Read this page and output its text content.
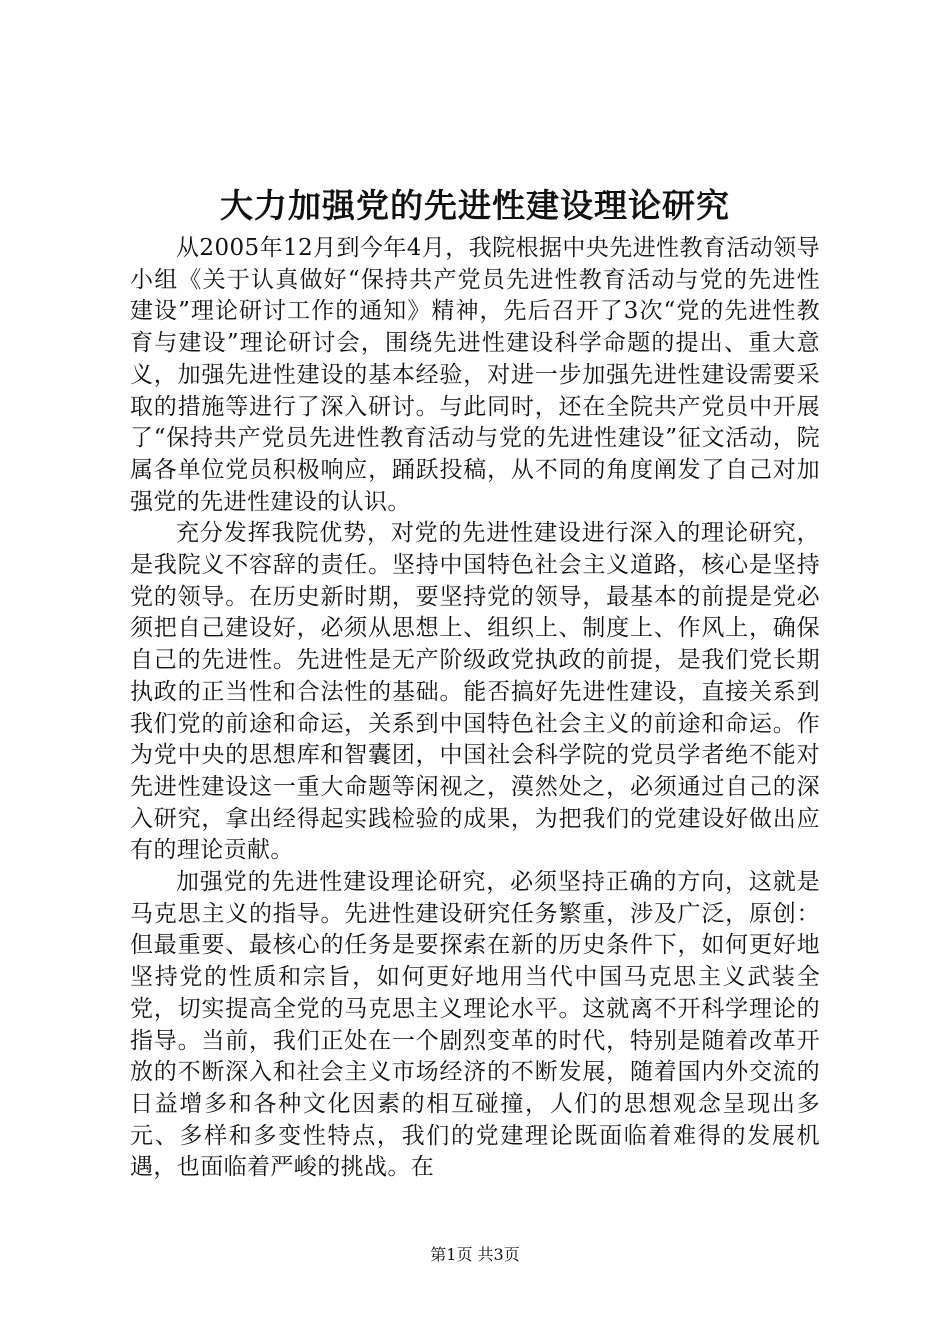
大力加强党的先进性建设理论研究

从2005年12月到今年4月，我院根据中央先进性教育活动领导小组《关于认真做好“保持共产党员先进性教育活动与党的先进性建设”理论研讨工作的通知》精神，先后召开了3次“党的先进性教育与建设”理论研讨会，围绕先进性建设科学命题的提出、重大意义，加强先进性建设的基本经验，对进一步加强先进性建设需要采取的措施等进行了深入研讨。与此同时，还在全院共产党员中开展了“保持共产党员先进性教育活动与党的先进性建设”征文活动，院属各单位党员积极响应，踊跃投稿，从不同的角度阐发了自己对加强党的先进性建设的认识。

充分发挥我院优势，对党的先进性建设进行深入的理论研究，是我院义不容辞的责任。坚持中国特色社会主义道路，核心是坚持党的领导。在历史新时期，要坚持党的领导，最基本的前提是党必须把自己建设好，必须从思想上、组织上、制度上、作风上，确保自己的先进性。先进性是无产阶级政党执政的前提，是我们党长期执政的正当性和合法性的基础。能否搞好先进性建设，直接关系到我们党的前途和命运，关系到中国特色社会主义的前途和命运。作为党中央的思想库和智囊团，中国社会科学院的党员学者绝不能对先进性建设这一重大命题等闲视之，漠然处之，必须通过自己的深入研究，拿出经得起实践检验的成果，为把我们的党建设好做出应有的理论贡献。

加强党的先进性建设理论研究，必须坚持正确的方向，这就是马克思主义的指导。先进性建设研究任务繁重，涉及广泛，原创：但最重要、最核心的任务是要探索在新的历史条件下，如何更好地坚持党的性质和宗旨，如何更好地用当代中国马克思主义武装全党，切实提高全党的马克思主义理论水平。这就离不开科学理论的指导。当前，我们正处在一个剧烈变革的时代，特别是随着改革开放的不断深入和社会主义市场经济的不断发展，随着国内外交流的日益增多和各种文化因素的相互碰撞，人们的思想观念呈现出多元、多样和多变性特点，我们的党建理论既面临着难得的发展机遇，也面临着严峻的挑战。在

第1页 共3页
